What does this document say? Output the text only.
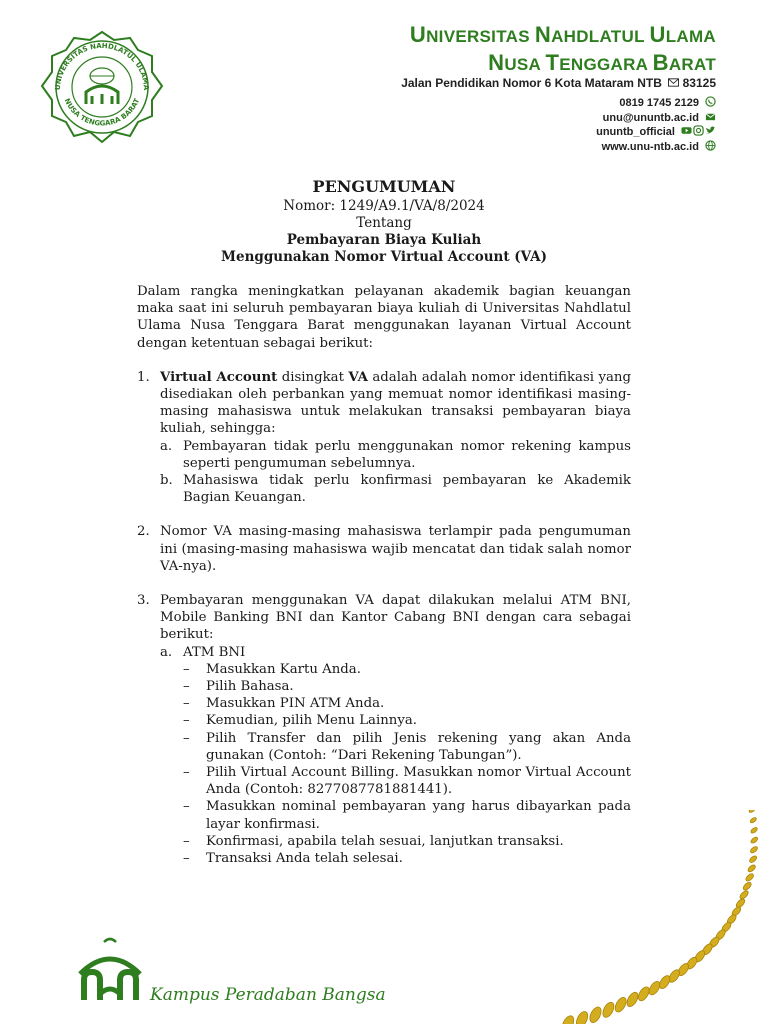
UNIVERSITAS NAHDLATUL ULAMA
NUSA TENGGARA BARAT
UNIVERSITAS NAHDLATUL ULAMA
NUSA TENGGARA BARAT
Jalan Pendidikan Nomor 6 Kota Mataram NTB 83125
0819 1745 2129
unu@ununtb.ac.id
ununtb_official
www.unu-ntb.ac.id
PENGUMUMAN
Nomor: 1249/A9.1/VA/8/2024
Tentang
Pembayaran Biaya Kuliah
Menggunakan Nomor Virtual Account (VA)

Dalam rangka meningkatkan pelayanan akademik bagian keuangan maka saat ini seluruh pembayaran biaya kuliah di Universitas Nahdlatul Ulama Nusa Tenggara Barat menggunakan layanan Virtual Account dengan ketentuan sebagai berikut:

1. Virtual Account disingkat VA adalah adalah nomor identifikasi yang disediakan oleh perbankan yang memuat nomor identifikasi masing-masing mahasiswa untuk melakukan transaksi pembayaran biaya kuliah, sehingga:
a. Pembayaran tidak perlu menggunakan nomor rekening kampus seperti pengumuman sebelumnya.
b. Mahasiswa tidak perlu konfirmasi pembayaran ke Akademik Bagian Keuangan.
2. Nomor VA masing-masing mahasiswa terlampir pada pengumuman ini (masing-masing mahasiswa wajib mencatat dan tidak salah nomor VA-nya).
3. Pembayaran menggunakan VA dapat dilakukan melalui ATM BNI, Mobile Banking BNI dan Kantor Cabang BNI dengan cara sebagai berikut:
a. ATM BNI
– Masukkan Kartu Anda.
– Pilih Bahasa.
– Masukkan PIN ATM Anda.
– Kemudian, pilih Menu Lainnya.
– Pilih Transfer dan pilih Jenis rekening yang akan Anda gunakan (Contoh: “Dari Rekening Tabungan”).
– Pilih Virtual Account Billing. Masukkan nomor Virtual Account Anda (Contoh: 8277087781881441).
– Masukkan nominal pembayaran yang harus dibayarkan pada layar konfirmasi.
– Konfirmasi, apabila telah sesuai, lanjutkan transaksi.
– Transaksi Anda telah selesai.
Kampus Peradaban Bangsa
